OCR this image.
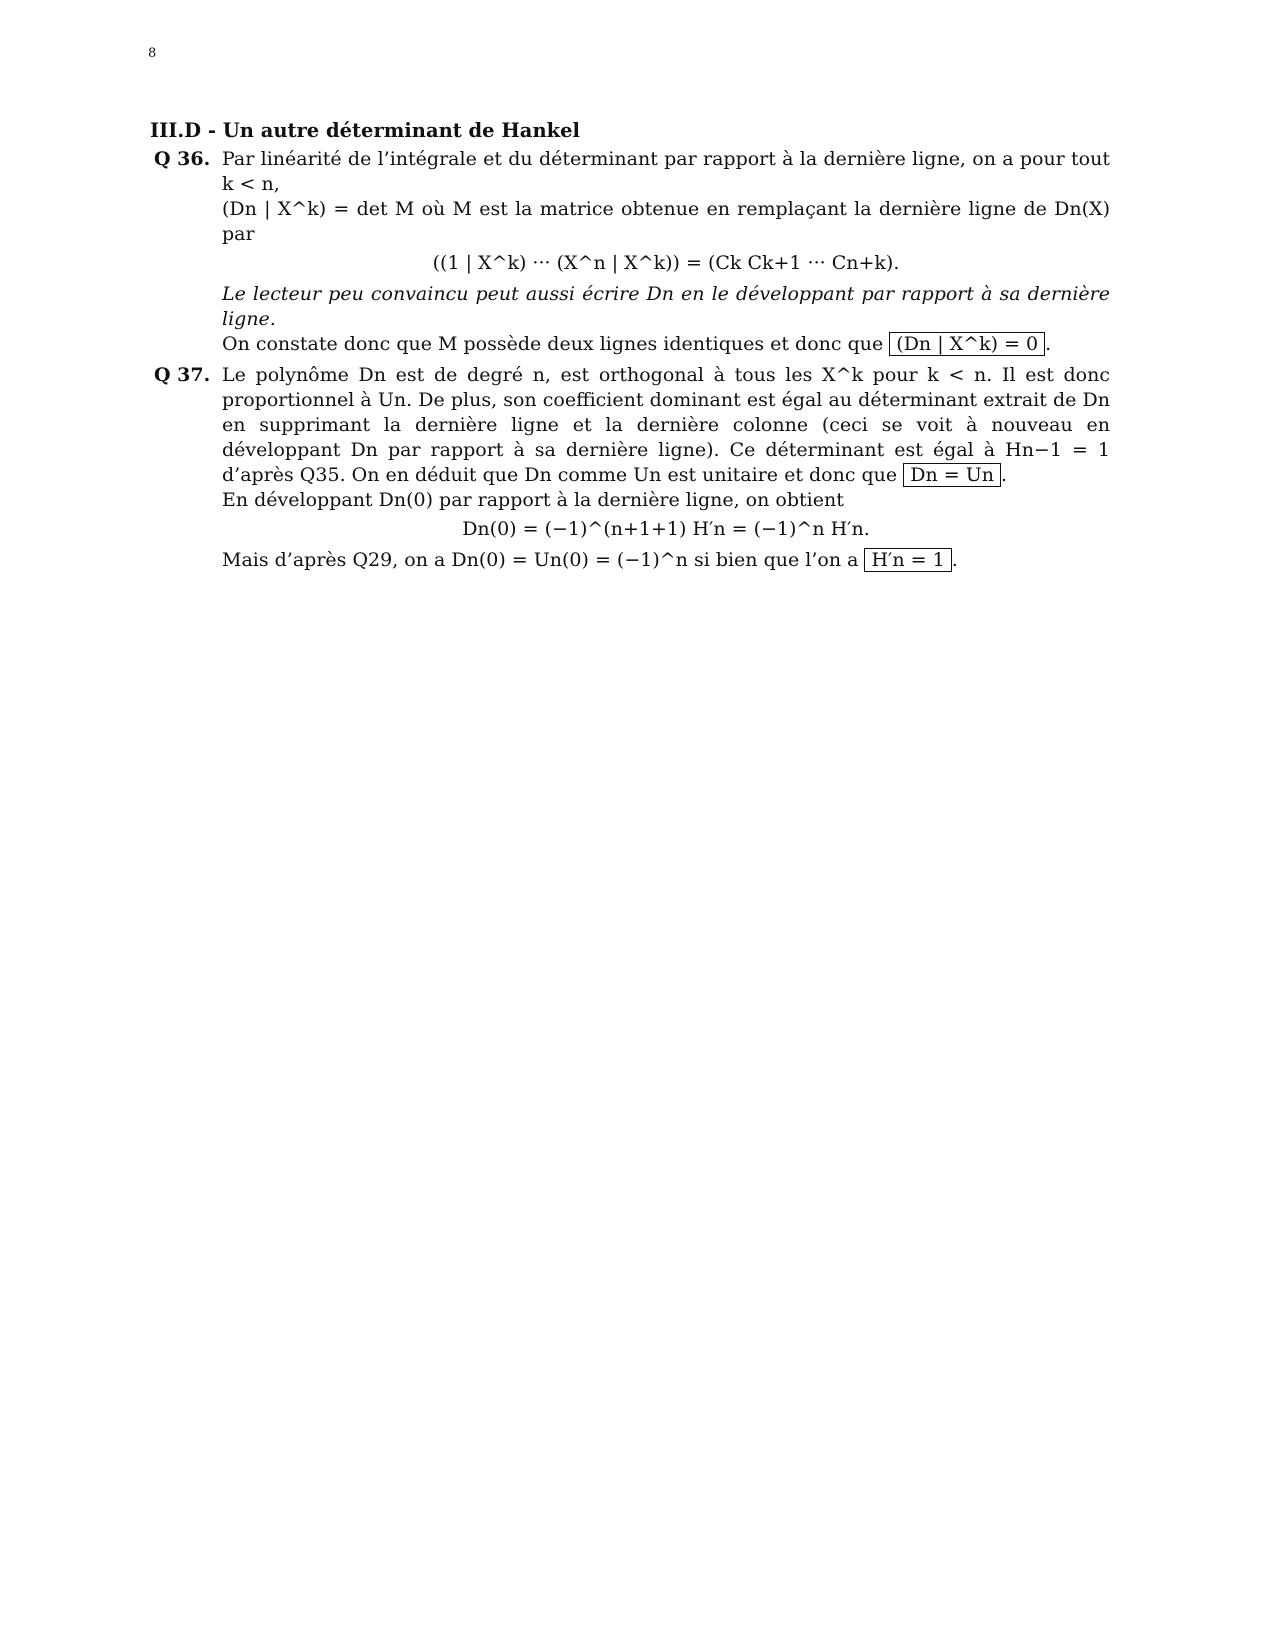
8
III.D - Un autre déterminant de Hankel
Q 36. Par linéarité de l’intégrale et du déterminant par rapport à la dernière ligne, on a pour tout k < n,
(Dn | X^k) = det M où M est la matrice obtenue en remplaçant la dernière ligne de Dn(X) par
((1 | X^k) ··· (X^n | X^k)) = (Ck Ck+1 ··· Cn+k).
Le lecteur peu convaincu peut aussi écrire Dn en le développant par rapport à sa dernière ligne.
On constate donc que M possède deux lignes identiques et donc que (Dn | X^k) = 0 .
Q 37. Le polynôme Dn est de degré n, est orthogonal à tous les X^k pour k < n. Il est donc proportionnel à Un. De plus, son coefficient dominant est égal au déterminant extrait de Dn en supprimant la dernière ligne et la dernière colonne (ceci se voit à nouveau en développant Dn par rapport à sa dernière ligne). Ce déterminant est égal à Hn−1 = 1 d’après Q35. On en déduit que Dn comme Un est unitaire et donc que Dn = Un .
En développant Dn(0) par rapport à la dernière ligne, on obtient
Dn(0) = (−1)^(n+1+1) H′n = (−1)^n H′n.
Mais d’après Q29, on a Dn(0) = Un(0) = (−1)^n si bien que l’on a H′n = 1 .
